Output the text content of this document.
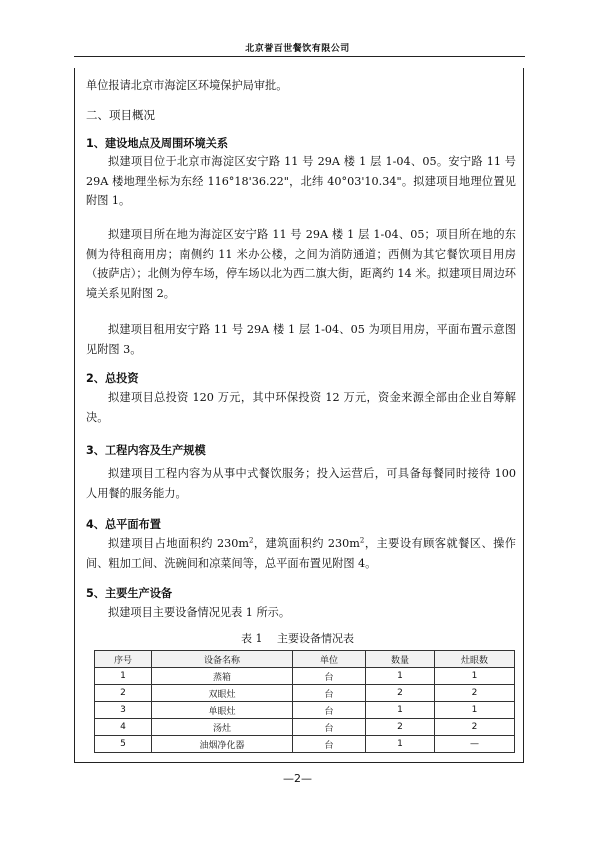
北京誉百世餐饮有限公司
单位报请北京市海淀区环境保护局审批。
二、项目概况
1、建设地点及周围环境关系
拟建项目位于北京市海淀区安宁路 11 号 29A 楼 1 层 1-04、05。安宁路 11 号 29A 楼地理坐标为东经 116°18'36.22"，北纬 40°03'10.34"。拟建项目地理位置见附图 1。
拟建项目所在地为海淀区安宁路 11 号 29A 楼 1 层 1-04、05；项目所在地的东侧为待租商用房；南侧约 11 米办公楼，之间为消防通道；西侧为其它餐饮项目用房（披萨店）；北侧为停车场，停车场以北为西二旗大街，距离约 14 米。拟建项目周边环境关系见附图 2。
拟建项目租用安宁路 11 号 29A 楼 1 层 1-04、05 为项目用房，平面布置示意图见附图 3。
2、总投资
拟建项目总投资 120 万元，其中环保投资 12 万元，资金来源全部由企业自筹解决。
3、工程内容及生产规模
拟建项目工程内容为从事中式餐饮服务；投入运营后，可具备每餐同时接待 100 人用餐的服务能力。
4、总平面布置
拟建项目占地面积约 $230m^2$，建筑面积约 $230m^2$，主要设有顾客就餐区、操作间、粗加工间、洗碗间和凉菜间等，总平面布置见附图 4。
5、主要生产设备
拟建项目主要设备情况见表 1 所示。
表 1　 主要设备情况表
序号	设备名称	单位	数量	灶眼数
1	蒸箱	台	1	1
2	双眼灶	台	2	2
3	单眼灶	台	1	1
4	汤灶	台	2	2
5	油烟净化器	台	1	—
—2—
